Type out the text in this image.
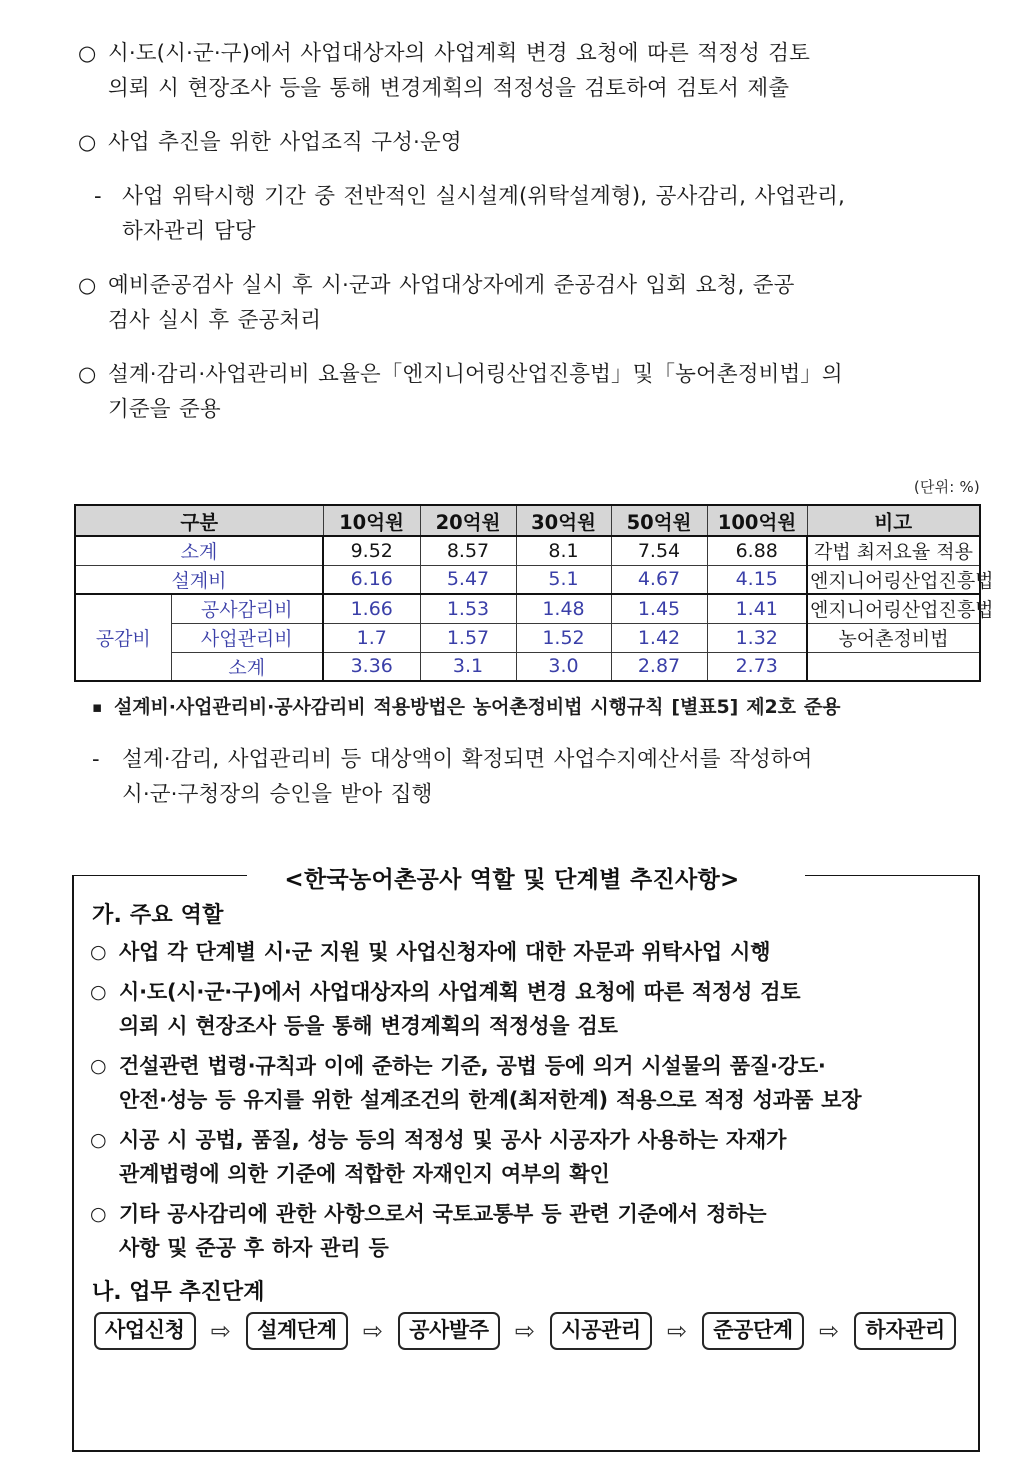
○ 시·도(시·군·구)에서 사업대상자의 사업계획 변경 요청에 따른 적정성 검토
의뢰 시 현장조사 등을 통해 변경계획의 적정성을 검토하여 검토서 제출
○ 사업 추진을 위한 사업조직 구성·운영
- 사업 위탁시행 기간 중 전반적인 실시설계(위탁설계형), 공사감리, 사업관리,
하자관리 담당
○ 예비준공검사 실시 후 시·군과 사업대상자에게 준공검사 입회 요청, 준공
검사 실시 후 준공처리
○ 설계·감리·사업관리비 요율은「엔지니어링산업진흥법」및「농어촌정비법」의
기준을 준용
(단위: %)
구분		10억원	20억원	30억원	50억원	100억원	비고
소계		9.52	8.57	8.1	7.54	6.88	각법 최저요율 적용
설계비		6.16	5.47	5.1	4.67	4.15	엔지니어링산업진흥법
공감비	공사감리비	1.66	1.53	1.48	1.45	1.41	엔지니어링산업진흥법
	사업관리비	1.7	1.57	1.52	1.42	1.32	농어촌정비법
	소계	3.36	3.1	3.0	2.87	2.73	
▪ 설계비·사업관리비·공사감리비 적용방법은 농어촌정비법 시행규칙 [별표5] 제2호 준용
-	설계·감리, 사업관리비 등 대상액이 확정되면 사업수지예산서를 작성하여
시·군·구청장의 승인을 받아 집행
<한국농어촌공사 역할 및 단계별 추진사항>
가. 주요 역할
○ 사업 각 단계별 시·군 지원 및 사업신청자에 대한 자문과 위탁사업 시행
○ 시·도(시·군·구)에서 사업대상자의 사업계획 변경 요청에 따른 적정성 검토
의뢰 시 현장조사 등을 통해 변경계획의 적정성을 검토
○ 건설관련 법령·규칙과 이에 준하는 기준, 공법 등에 의거 시설물의 품질·강도·
안전·성능 등 유지를 위한 설계조건의 한계(최저한계) 적용으로 적정 성과품 보장
○ 시공 시 공법, 품질, 성능 등의 적정성 및 공사 시공자가 사용하는 자재가
관계법령에 의한 기준에 적합한 자재인지 여부의 확인
○ 기타 공사감리에 관한 사항으로서 국토교통부 등 관련 기준에서 정하는
사항 및 준공 후 하자 관리 등
나. 업무 추진단계
사업신청	⇨	설계단계	⇨	공사발주	⇨	시공관리	⇨	준공단계	⇨	하자관리
